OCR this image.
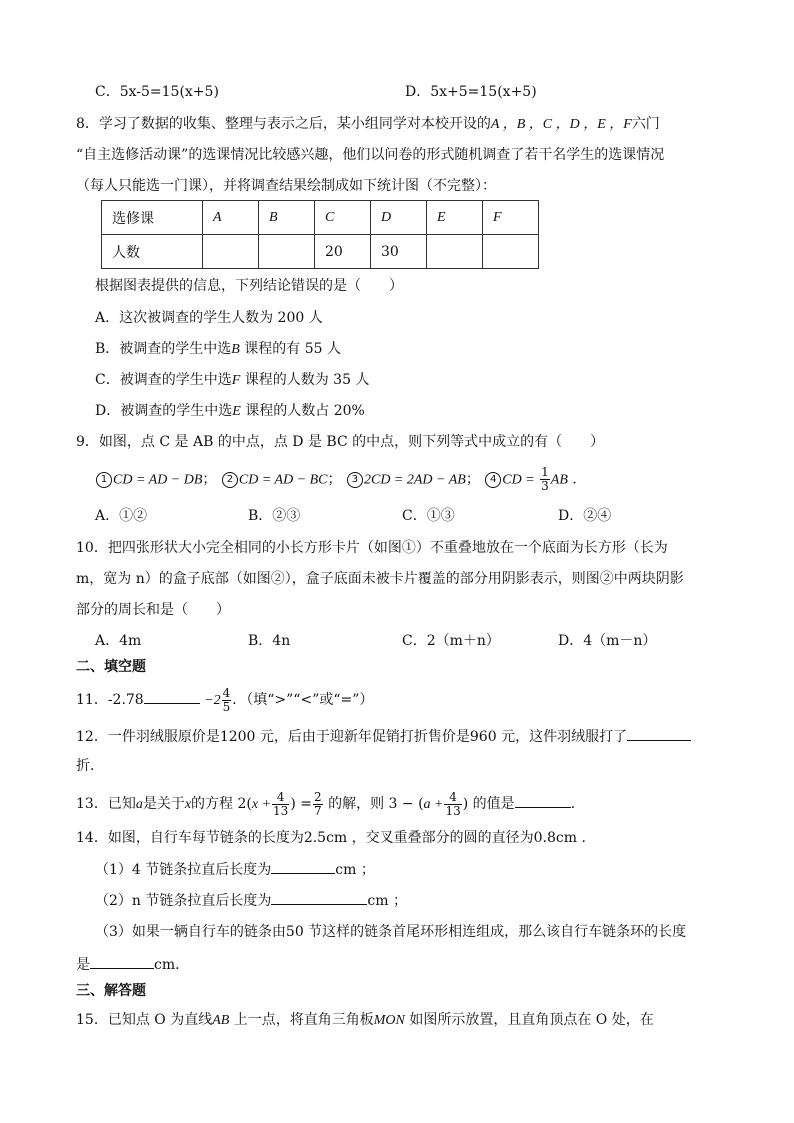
C．5x-5=15(x+5)	D．5x+5=15(x+5)
8．学习了数据的收集、整理与表示之后，某小组同学对本校开设的A ，B ，C ，D ，E ，F六门
“自主选修活动课”的选课情况比较感兴趣，他们以问卷的形式随机调查了若干名学生的选课情况
（每人只能选一门课），并将调查结果绘制成如下统计图（不完整）：
选修课	A	B	C	D	E	F
人数			20	30		
根据图表提供的信息，下列结论错误的是（　　）
A．这次被调查的学生人数为 200 人
B．被调查的学生中选B 课程的有 55 人
C．被调查的学生中选F 课程的人数为 35 人
D．被调查的学生中选E 课程的人数占 20%
9．如图，点 C 是 AB 的中点，点 D 是 BC 的中点，则下列等式中成立的有（　　）
1 CD = AD − DB； 2 CD = AD − BC； 3 2CD = 2AD − AB； 4 CD = $\frac{1}{3}$ AB ．
A．①②	B．②③	C．①③	D．②④
10．把四张形状大小完全相同的小长方形卡片（如图①）不重叠地放在一个底面为长方形（长为
m，宽为 n）的盒子底部（如图②），盒子底面未被卡片覆盖的部分用阴影表示，则图②中两块阴影
部分的周长和是（　　）
A．4m	B．4n	C．2（m＋n）	D．4（m－n）
二、填空题
11．-2.78	$-2 \frac{4}{5}$ ．（填“>”“<”或“=”）
12．一件羽绒服原价是1200 元，后由于迎新年促销打折售价是960 元，这件羽绒服打了
折．
13．已知a是关于x的方程 $2(x + \frac{4}{13}$ ) = $\frac{2}{7}$ 的解，则 $3 - (a + \frac{4}{13}$ ) 的值是	．
14．如图，自行车每节链条的长度为2.5cm ，交叉重叠部分的圆的直径为0.8cm ．
（1）4 节链条拉直后长度为	cm ；
（2）n 节链条拉直后长度为	cm ；
（3）如果一辆自行车的链条由50 节这样的链条首尾环形相连组成，那么该自行车链条环的长度
是	cm．
三、解答题
15．已知点 O 为直线AB 上一点，将直角三角板MON 如图所示放置，且直角顶点在 O 处，在
